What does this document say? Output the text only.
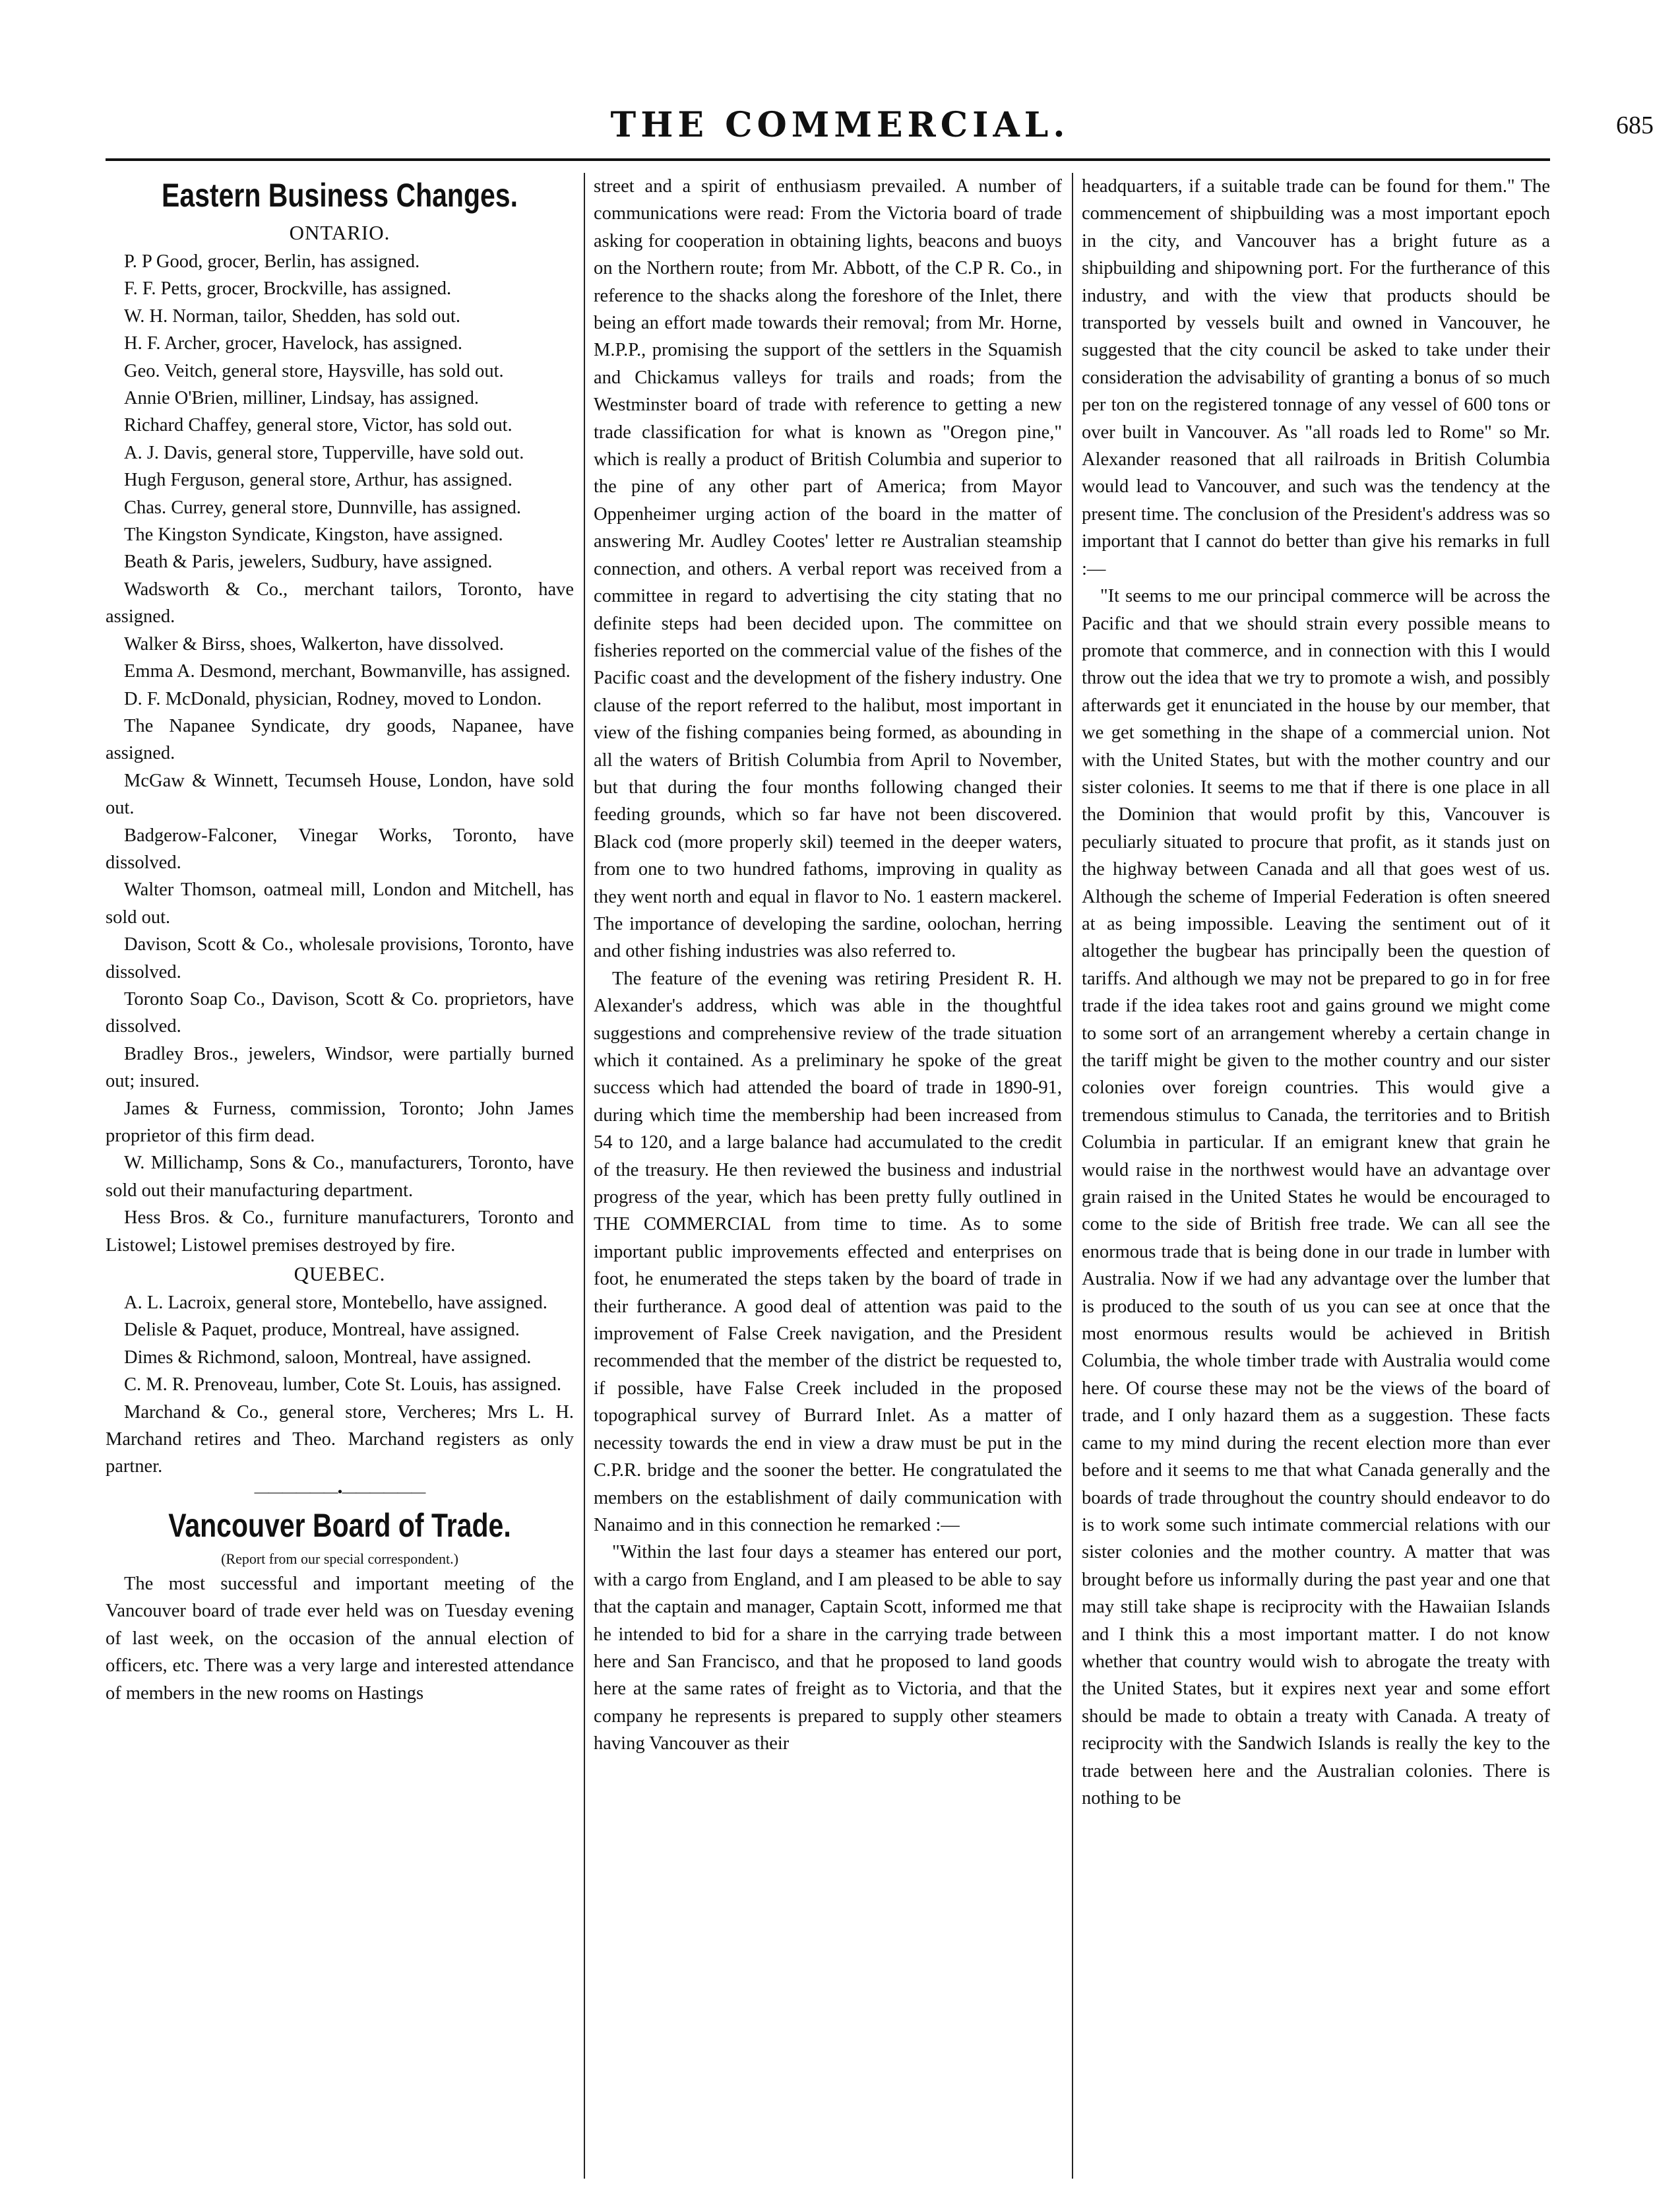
THE COMMERCIAL.	685
Eastern Business Changes.
ONTARIO.

P. P Good, grocer, Berlin, has assigned.

F. F. Petts, grocer, Brockville, has assigned.

W. H. Norman, tailor, Shedden, has sold out.

H. F. Archer, grocer, Havelock, has assigned.

Geo. Veitch, general store, Haysville, has sold out.

Annie O'Brien, milliner, Lindsay, has assigned.

Richard Chaffey, general store, Victor, has sold out.

A. J. Davis, general store, Tupperville, have sold out.

Hugh Ferguson, general store, Arthur, has assigned.

Chas. Currey, general store, Dunnville, has assigned.

The Kingston Syndicate, Kingston, have assigned.

Beath & Paris, jewelers, Sudbury, have assigned.

Wadsworth & Co., merchant tailors, Toronto, have assigned.

Walker & Birss, shoes, Walkerton, have dissolved.

Emma A. Desmond, merchant, Bowmanville, has assigned.

D. F. McDonald, physician, Rodney, moved to London.

The Napanee Syndicate, dry goods, Napanee, have assigned.

McGaw & Winnett, Tecumseh House, London, have sold out.

Badgerow-Falconer, Vinegar Works, Toronto, have dissolved.

Walter Thomson, oatmeal mill, London and Mitchell, has sold out.

Davison, Scott & Co., wholesale provisions, Toronto, have dissolved.

Toronto Soap Co., Davison, Scott & Co. proprietors, have dissolved.

Bradley Bros., jewelers, Windsor, were partially burned out; insured.

James & Furness, commission, Toronto; John James proprietor of this firm dead.

W. Millichamp, Sons & Co., manufacturers, Toronto, have sold out their manufacturing department.

Hess Bros. & Co., furniture manufacturers, Toronto and Listowel; Listowel premises destroyed by fire.

QUEBEC.

A. L. Lacroix, general store, Montebello, have assigned.

Delisle & Paquet, produce, Montreal, have assigned.

Dimes & Richmond, saloon, Montreal, have assigned.

C. M. R. Prenoveau, lumber, Cote St. Louis, has assigned.

Marchand & Co., general store, Vercheres; Mrs L. H. Marchand retires and Theo. Marchand registers as only partner.

——————•——————
Vancouver Board of Trade.
(Report from our special correspondent.)

The most successful and important meeting of the Vancouver board of trade ever held was on Tuesday evening of last week, on the occasion of the annual election of officers, etc. There was a very large and interested attendance of members in the new rooms on Hastings

street and a spirit of enthusiasm prevailed. A number of communications were read: From the Victoria board of trade asking for cooperation in obtaining lights, beacons and buoys on the Northern route; from Mr. Abbott, of the C.P R. Co., in reference to the shacks along the foreshore of the Inlet, there being an effort made towards their removal; from Mr. Horne, M.P.P., promising the support of the settlers in the Squamish and Chickamus valleys for trails and roads; from the Westminster board of trade with reference to getting a new trade classification for what is known as "Oregon pine," which is really a product of British Columbia and superior to the pine of any other part of America; from Mayor Oppenheimer urging action of the board in the matter of answering Mr. Audley Cootes' letter re Australian steamship connection, and others. A verbal report was received from a committee in regard to advertising the city stating that no definite steps had been decided upon. The committee on fisheries reported on the commercial value of the fishes of the Pacific coast and the development of the fishery industry. One clause of the report referred to the halibut, most important in view of the fishing companies being formed, as abounding in all the waters of British Columbia from April to November, but that during the four months following changed their feeding grounds, which so far have not been discovered. Black cod (more properly skil) teemed in the deeper waters, from one to two hundred fathoms, improving in quality as they went north and equal in flavor to No. 1 eastern mackerel. The importance of developing the sardine, oolochan, herring and other fishing industries was also referred to.

The feature of the evening was retiring President R. H. Alexander's address, which was able in the thoughtful suggestions and comprehensive review of the trade situation which it contained. As a preliminary he spoke of the great success which had attended the board of trade in 1890-91, during which time the membership had been increased from 54 to 120, and a large balance had accumulated to the credit of the treasury. He then reviewed the business and industrial progress of the year, which has been pretty fully outlined in THE COMMERCIAL from time to time. As to some important public improvements effected and enterprises on foot, he enumerated the steps taken by the board of trade in their furtherance. A good deal of attention was paid to the improvement of False Creek navigation, and the President recommended that the member of the district be requested to, if possible, have False Creek included in the proposed topographical survey of Burrard Inlet. As a matter of necessity towards the end in view a draw must be put in the C.P.R. bridge and the sooner the better. He congratulated the members on the establishment of daily communication with Nanaimo and in this connection he remarked :—

"Within the last four days a steamer has entered our port, with a cargo from England, and I am pleased to be able to say that the captain and manager, Captain Scott, informed me that he intended to bid for a share in the carrying trade between here and San Francisco, and that he proposed to land goods here at the same rates of freight as to Victoria, and that the company he represents is prepared to supply other steamers having Vancouver as their

headquarters, if a suitable trade can be found for them." The commencement of shipbuilding was a most important epoch in the city, and Vancouver has a bright future as a shipbuilding and shipowning port. For the furtherance of this industry, and with the view that products should be transported by vessels built and owned in Vancouver, he suggested that the city council be asked to take under their consideration the advisability of granting a bonus of so much per ton on the registered tonnage of any vessel of 600 tons or over built in Vancouver. As "all roads led to Rome" so Mr. Alexander reasoned that all railroads in British Columbia would lead to Vancouver, and such was the tendency at the present time. The conclusion of the President's address was so important that I cannot do better than give his remarks in full :—

"It seems to me our principal commerce will be across the Pacific and that we should strain every possible means to promote that commerce, and in connection with this I would throw out the idea that we try to promote a wish, and possibly afterwards get it enunciated in the house by our member, that we get something in the shape of a commercial union. Not with the United States, but with the mother country and our sister colonies. It seems to me that if there is one place in all the Dominion that would profit by this, Vancouver is peculiarly situated to procure that profit, as it stands just on the highway between Canada and all that goes west of us. Although the scheme of Imperial Federation is often sneered at as being impossible. Leaving the sentiment out of it altogether the bugbear has principally been the question of tariffs. And although we may not be prepared to go in for free trade if the idea takes root and gains ground we might come to some sort of an arrangement whereby a certain change in the tariff might be given to the mother country and our sister colonies over foreign countries. This would give a tremendous stimulus to Canada, the territories and to British Columbia in particular. If an emigrant knew that grain he would raise in the northwest would have an advantage over grain raised in the United States he would be encouraged to come to the side of British free trade. We can all see the enormous trade that is being done in our trade in lumber with Australia. Now if we had any advantage over the lumber that is produced to the south of us you can see at once that the most enormous results would be achieved in British Columbia, the whole timber trade with Australia would come here. Of course these may not be the views of the board of trade, and I only hazard them as a suggestion. These facts came to my mind during the recent election more than ever before and it seems to me that what Canada generally and the boards of trade throughout the country should endeavor to do is to work some such intimate commercial relations with our sister colonies and the mother country. A matter that was brought before us informally during the past year and one that may still take shape is reciprocity with the Hawaiian Islands and I think this a most important matter. I do not know whether that country would wish to abrogate the treaty with the United States, but it expires next year and some effort should be made to obtain a treaty with Canada. A treaty of reciprocity with the Sandwich Islands is really the key to the trade between here and the Australian colonies. There is nothing to be
